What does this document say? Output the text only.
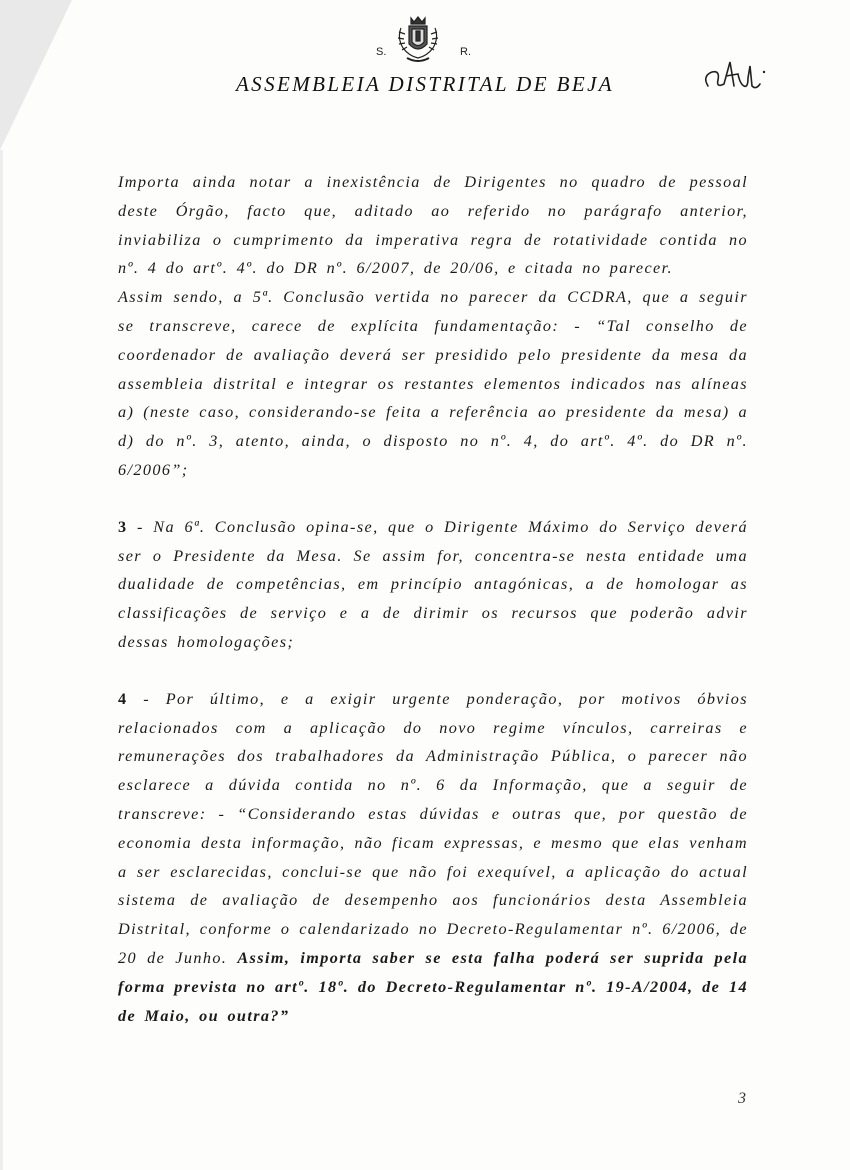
S.	R.
ASSEMBLEIA DISTRITAL DE BEJA

Importa ainda notar a inexistência de Dirigentes no quadro de pessoal deste Órgão, facto que, aditado ao referido no parágrafo anterior, inviabiliza o cumprimento da imperativa regra de rotatividade contida no nº. 4 do artº. 4º. do DR nº. 6/2007, de 20/06, e citada no parecer.

Assim sendo, a 5ª. Conclusão vertida no parecer da CCDRA, que a seguir se transcreve, carece de explícita fundamentação: - “Tal conselho de coordenador de avaliação deverá ser presidido pelo presidente da mesa da assembleia distrital e integrar os restantes elementos indicados nas alíneas a) (neste caso, considerando-se feita a referência ao presidente da mesa) a d) do nº. 3, atento, ainda, o disposto no nº. 4, do artº. 4º. do DR nº. 6/2006”;

3 - Na 6ª. Conclusão opina-se, que o Dirigente Máximo do Serviço deverá ser o Presidente da Mesa. Se assim for, concentra-se nesta entidade uma dualidade de competências, em princípio antagónicas, a de homologar as classificações de serviço e a de dirimir os recursos que poderão advir dessas homologações;

4 - Por último, e a exigir urgente ponderação, por motivos óbvios relacionados com a aplicação do novo regime vínculos, carreiras e remunerações dos trabalhadores da Administração Pública, o parecer não esclarece a dúvida contida no nº. 6 da Informação, que a seguir de transcreve: - “Considerando estas dúvidas e outras que, por questão de economia desta informação, não ficam expressas, e mesmo que elas venham a ser esclarecidas, conclui-se que não foi exequível, a aplicação do actual sistema de avaliação de desempenho aos funcionários desta Assembleia Distrital, conforme o calendarizado no Decreto-Regulamentar nº. 6/2006, de 20 de Junho. Assim, importa saber se esta falha poderá ser suprida pela forma prevista no artº. 18º. do Decreto-Regulamentar nº. 19-A/2004, de 14 de Maio, ou outra?”

3
